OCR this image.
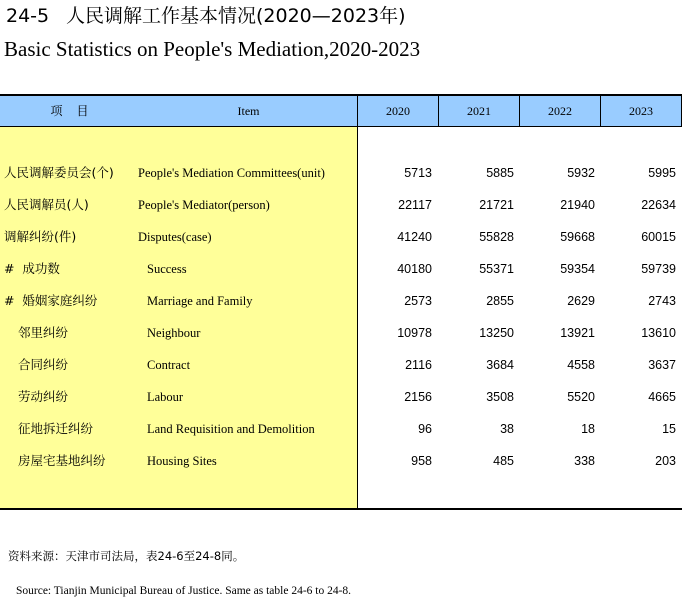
24-5 人民调解工作基本情况(2020—2023年)
Basic Statistics on People's Mediation,2020-2023
项　目	Item	2020	2021	2022	2023
人民调解委员会(个) People's Mediation Committees(unit)	5713	5885	5932	5995
人民调解员(人)	People's Mediator(person)	22117	21721	21940	22634
调解纠纷(件)	Disputes(case)	41240	55828	59668	60015
#  成功数	Success	40180	55371	59354	59739
#  婚姻家庭纠纷	Marriage and Family	2573	2855	2629	2743
邻里纠纷	Neighbour	10978	13250	13921	13610
合同纠纷	Contract	2116	3684	4558	3637
劳动纠纷	Labour	2156	3508	5520	4665
征地拆迁纠纷	Land Requisition and Demolition	96	38	18	15
房屋宅基地纠纷	Housing Sites	958	485	338	203
资料来源：天津市司法局，表24-6至24-8同。
Source: Tianjin Municipal Bureau of Justice. Same as table 24-6 to 24-8.
